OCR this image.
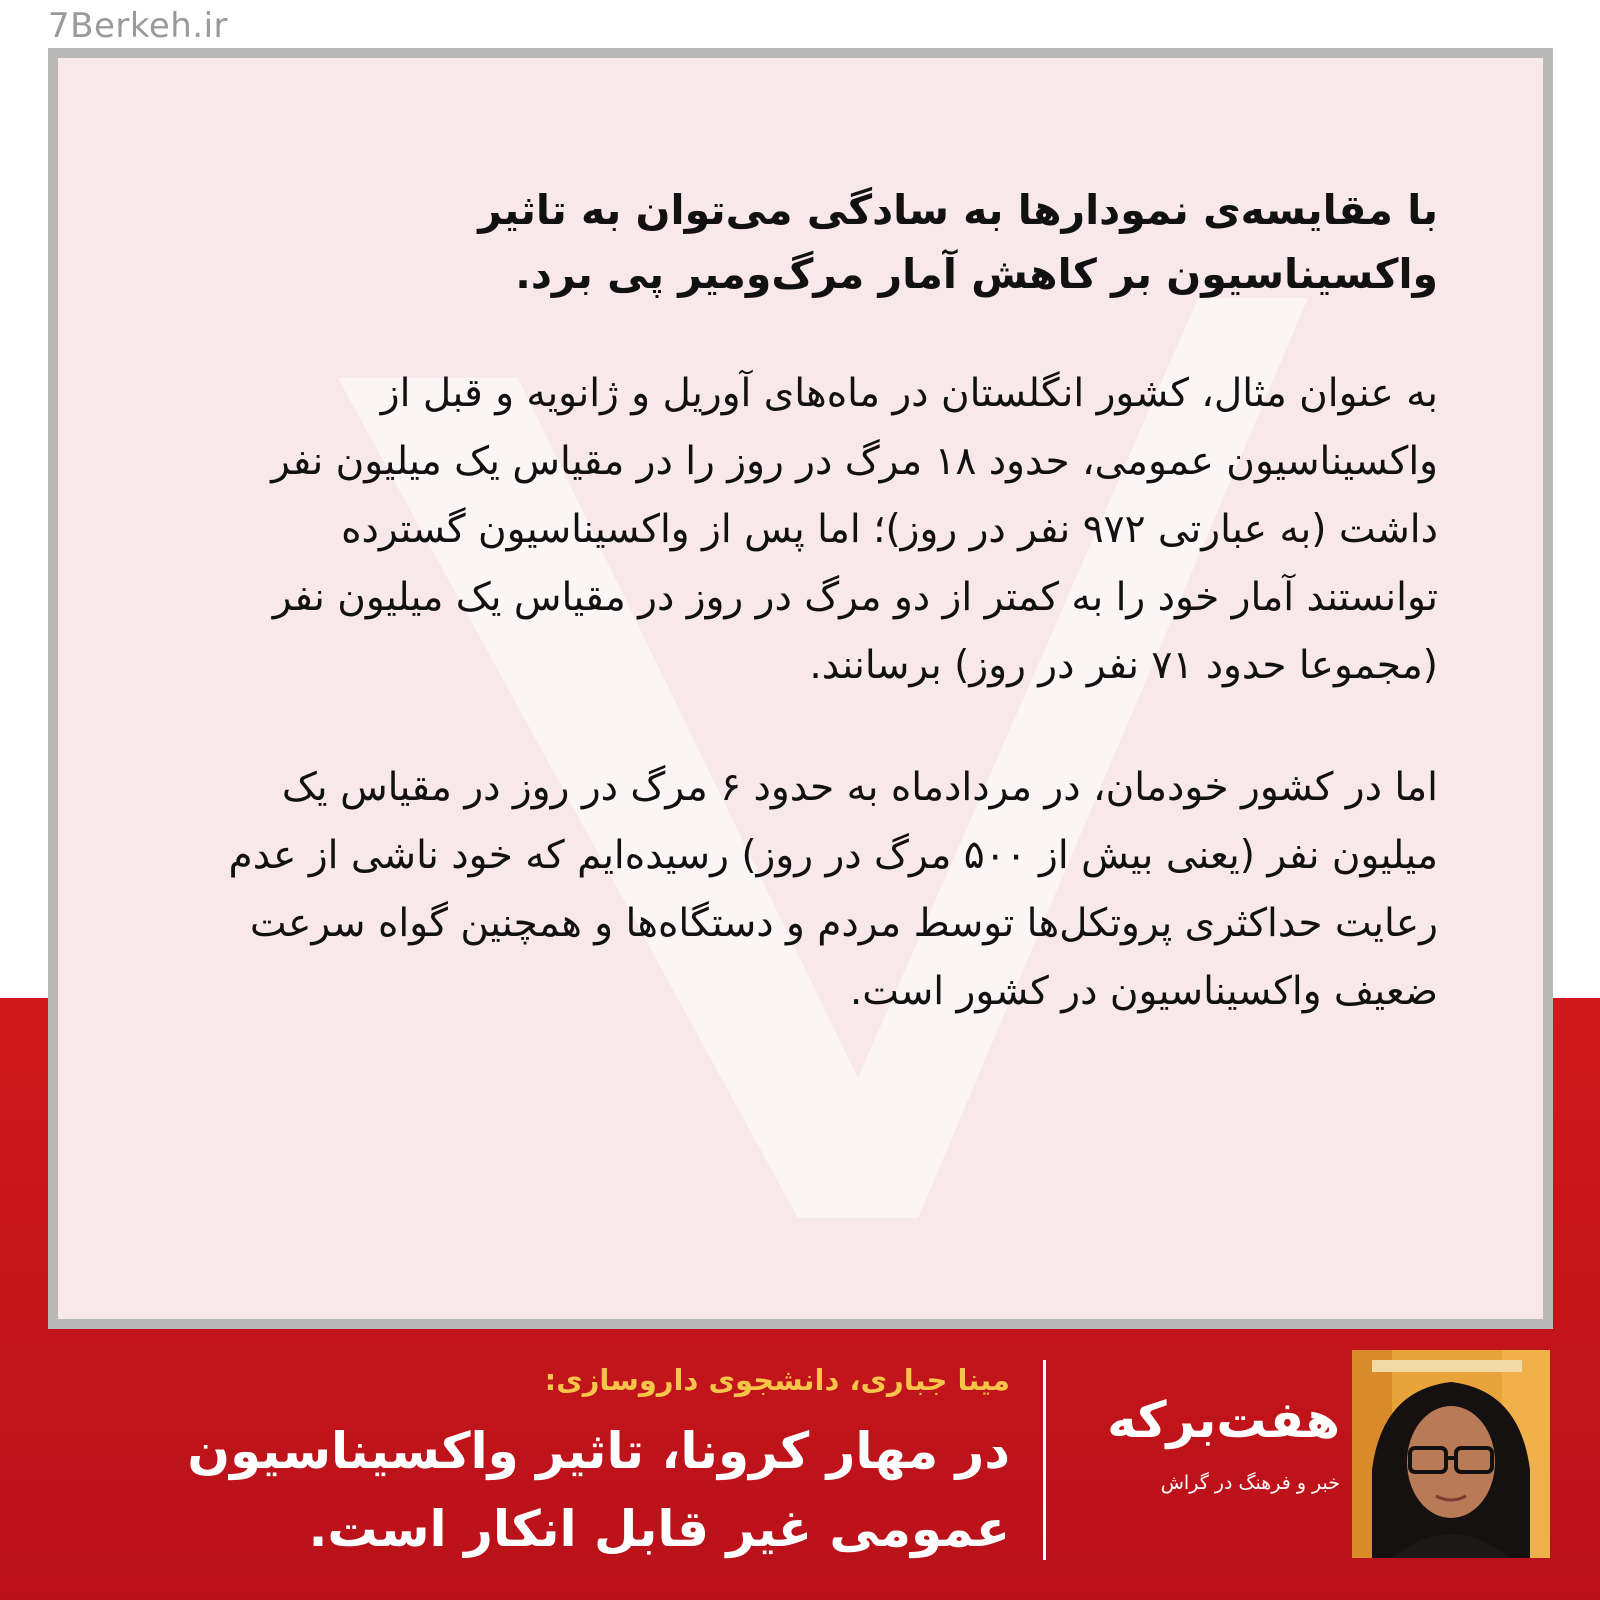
7Berkeh.ir

با مقایسه‌ی نمودارها به سادگی می‌توان به تاثیر واکسیناسیون بر کاهش آمار مرگ‌ومیر پی برد.

به عنوان مثال، کشور انگلستان در ماه‌های آوریل و ژانویه و قبل از واکسیناسیون عمومی، حدود ۱۸ مرگ در روز را در مقیاس یک میلیون نفر داشت (به عبارتی ۹۷۲ نفر در روز)؛ اما پس از واکسیناسیون گسترده توانستند آمار خود را به کمتر از دو مرگ در روز در مقیاس یک میلیون نفر (مجموعا حدود ۷۱ نفر در روز) برسانند.

اما در کشور خودمان، در مردادماه به حدود ۶ مرگ در روز در مقیاس یک میلیون نفر (یعنی بیش از ۵۰۰ مرگ در روز) رسیده‌ایم که خود ناشی از عدم رعایت حداکثری پروتکل‌ها توسط مردم و دستگاه‌ها و همچنین گواه سرعت ضعیف واکسیناسیون در کشور است.

مینا جباری، دانشجوی داروسازی:

در مهار کرونا، تاثیر واکسیناسیون عمومی غیر قابل انکار است.

هفت‌برکه
خبر و فرهنگ در گراش
